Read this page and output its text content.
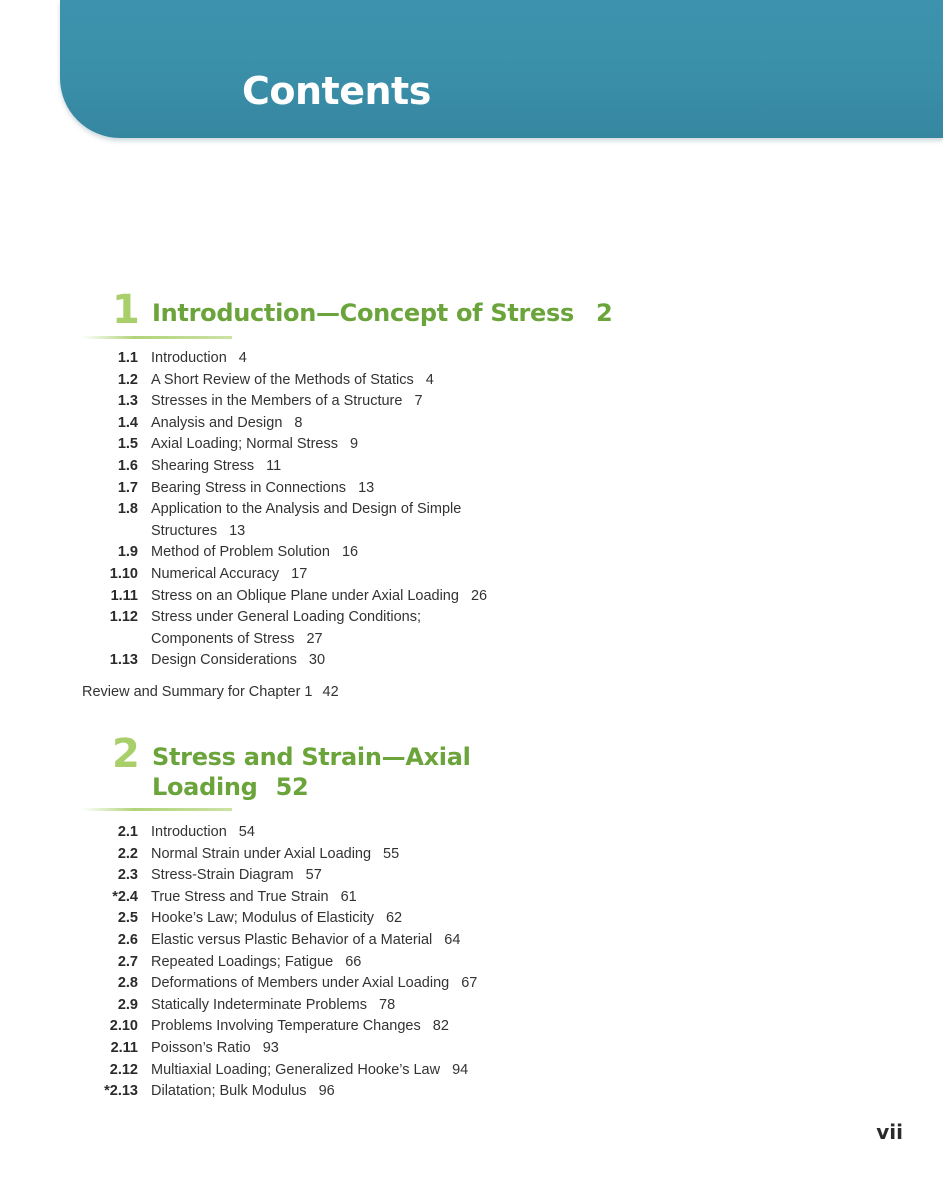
Contents
1 Introduction—Concept of Stress 2
1.1 Introduction 4
1.2 A Short Review of the Methods of Statics 4
1.3 Stresses in the Members of a Structure 7
1.4 Analysis and Design 8
1.5 Axial Loading; Normal Stress 9
1.6 Shearing Stress 11
1.7 Bearing Stress in Connections 13
1.8 Application to the Analysis and Design of Simple Structures 13
1.9 Method of Problem Solution 16
1.10 Numerical Accuracy 17
1.11 Stress on an Oblique Plane under Axial Loading 26
1.12 Stress under General Loading Conditions; Components of Stress 27
1.13 Design Considerations 30
Review and Summary for Chapter 1 42
2 Stress and Strain—Axial Loading 52
2.1 Introduction 54
2.2 Normal Strain under Axial Loading 55
2.3 Stress-Strain Diagram 57
*2.4 True Stress and True Strain 61
2.5 Hooke’s Law; Modulus of Elasticity 62
2.6 Elastic versus Plastic Behavior of a Material 64
2.7 Repeated Loadings; Fatigue 66
2.8 Deformations of Members under Axial Loading 67
2.9 Statically Indeterminate Problems 78
2.10 Problems Involving Temperature Changes 82
2.11 Poisson’s Ratio 93
2.12 Multiaxial Loading; Generalized Hooke’s Law 94
*2.13 Dilatation; Bulk Modulus 96
vii
